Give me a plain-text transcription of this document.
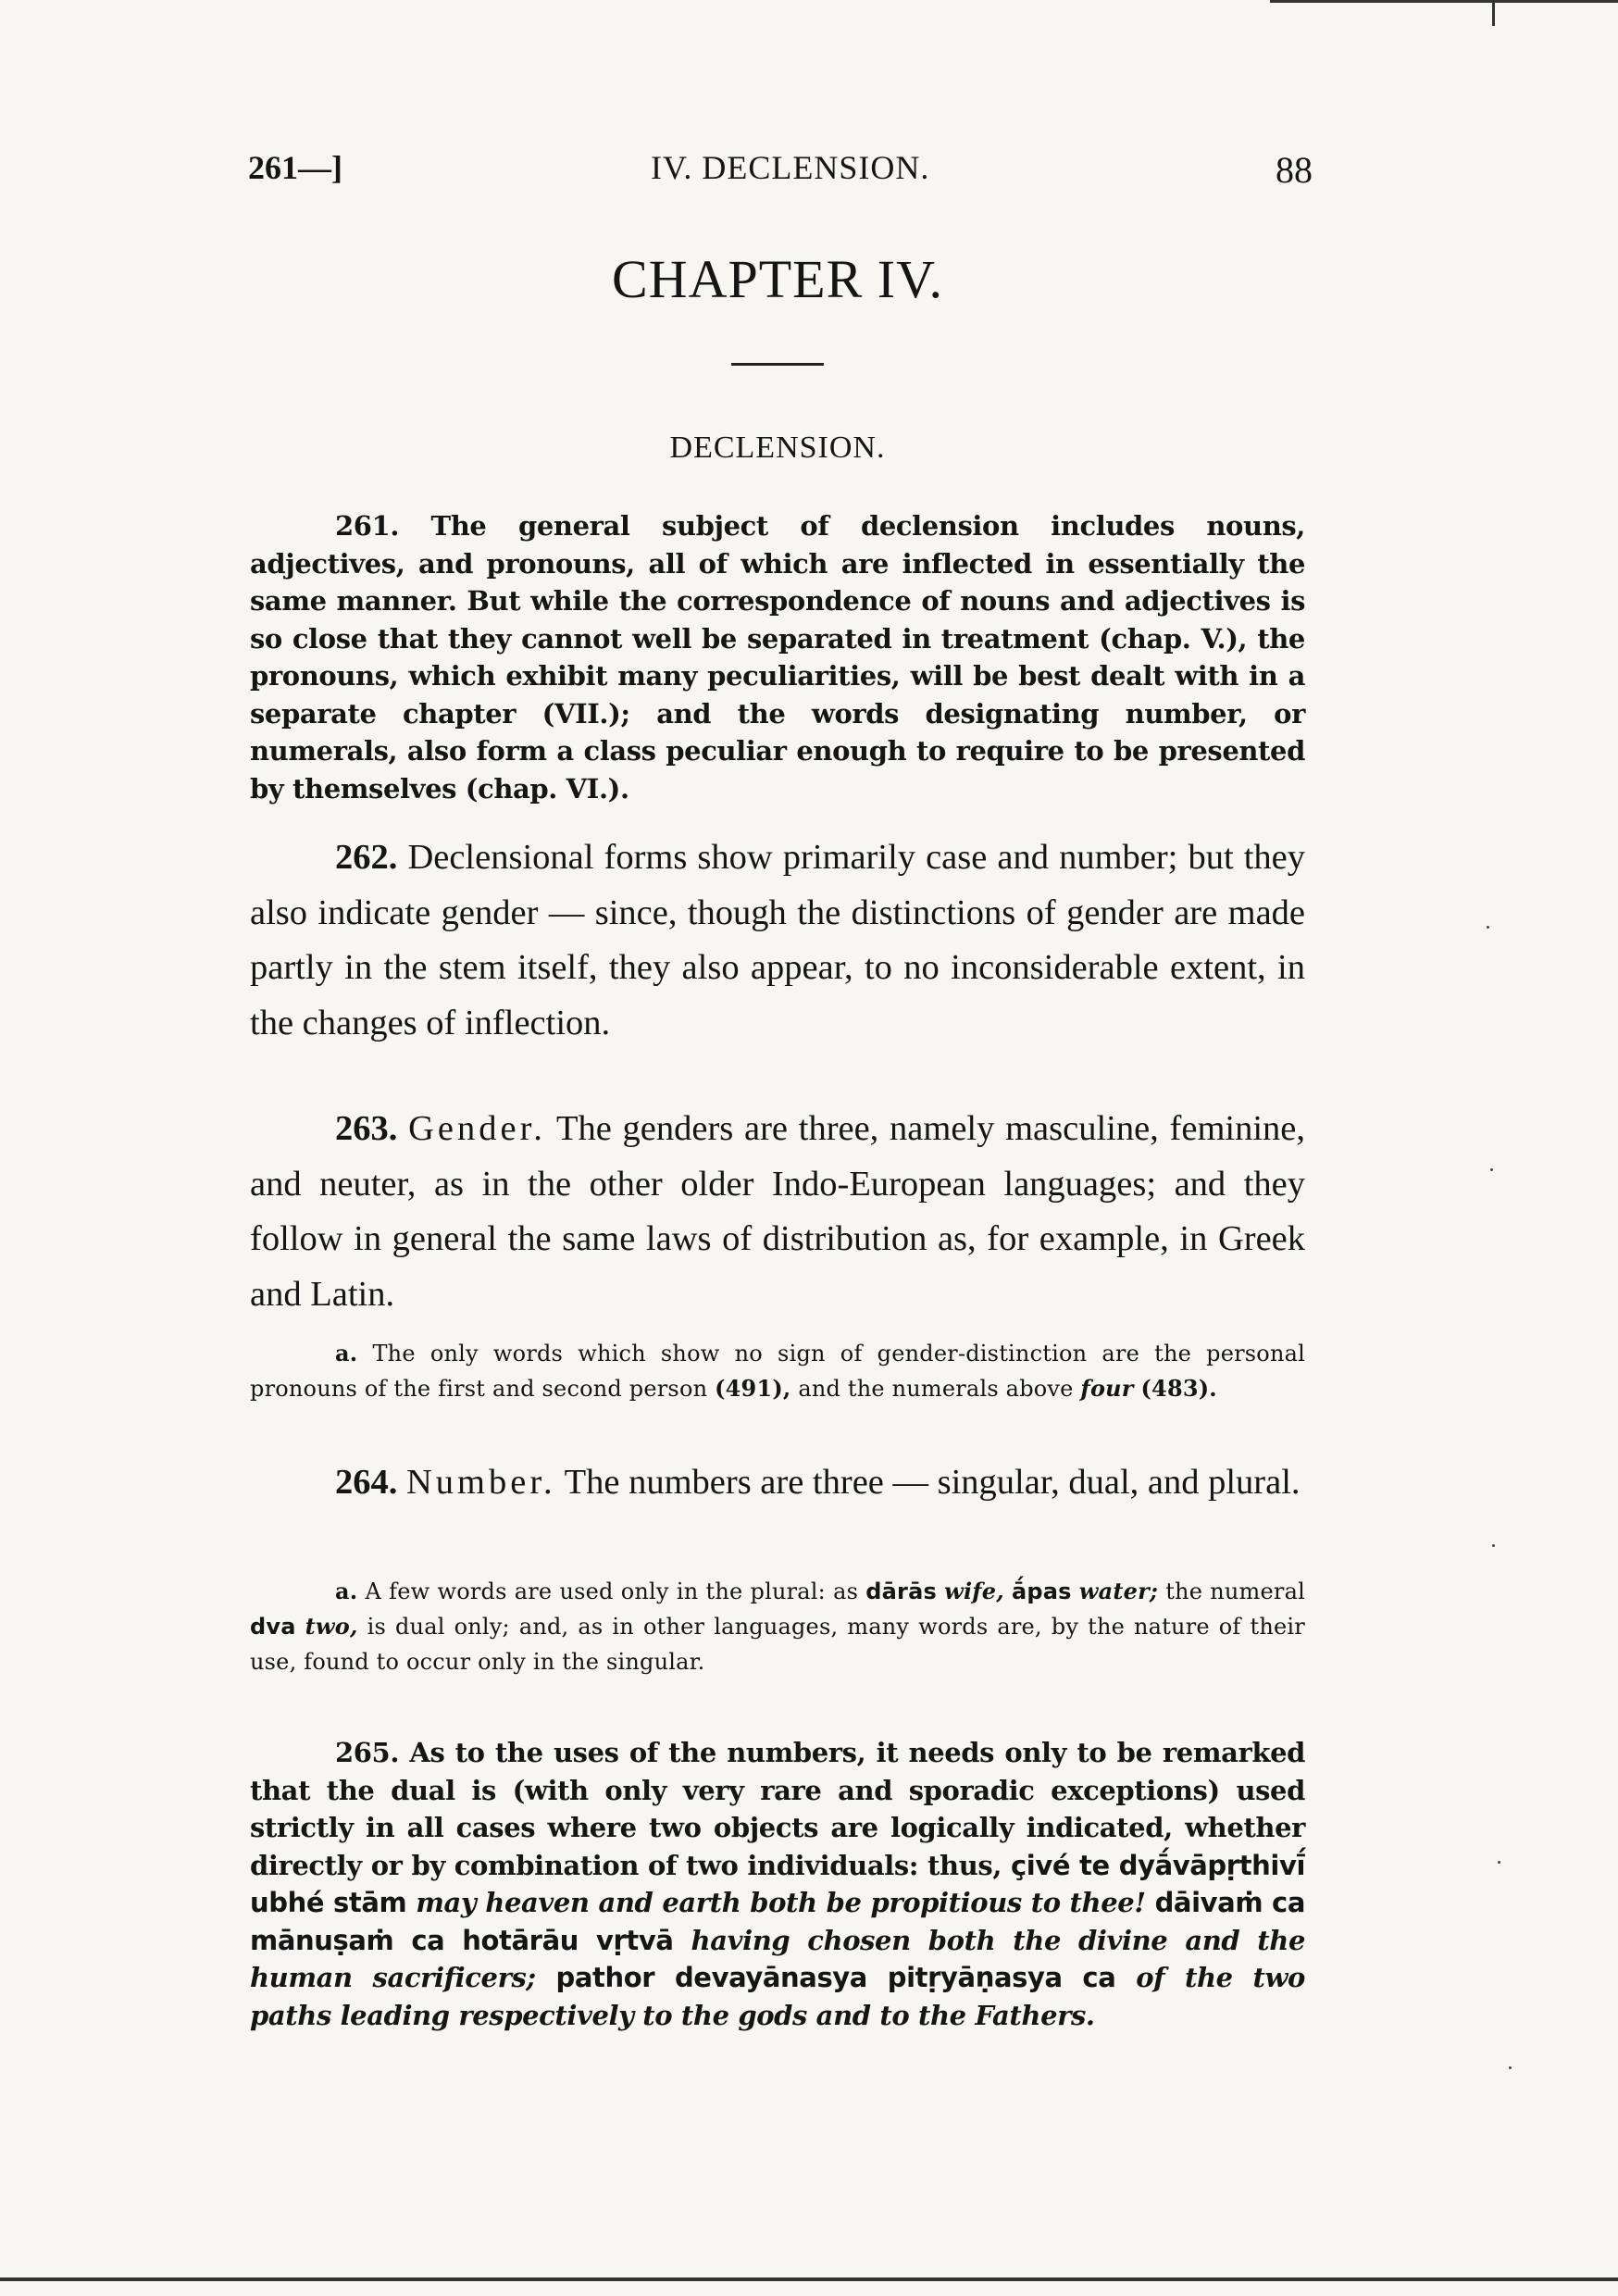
261—]	IV. DECLENSION.	88
CHAPTER IV.
DECLENSION.

261. The general subject of declension includes nouns, adjectives, and pronouns, all of which are inflected in essentially the same manner. But while the correspondence of nouns and adjectives is so close that they cannot well be separated in treatment (chap. V.), the pronouns, which exhibit many peculiarities, will be best dealt with in a separate chapter (VII.); and the words designating number, or numerals, also form a class peculiar enough to require to be presented by themselves (chap. VI.).

262. Declensional forms show primarily case and number; but they also indicate gender — since, though the distinctions of gender are made partly in the stem itself, they also appear, to no inconsiderable extent, in the changes of inflection.

263. Gender. The genders are three, namely masculine, feminine, and neuter, as in the other older Indo-European languages; and they follow in general the same laws of distribution as, for example, in Greek and Latin.

a. The only words which show no sign of gender-distinction are the personal pronouns of the first and second person (491), and the numerals above four (483).

264. Number. The numbers are three — singular, dual, and plural.

a. A few words are used only in the plural: as dārās wife, ā́pas water; the numeral dva two, is dual only; and, as in other languages, many words are, by the nature of their use, found to occur only in the singular.

265. As to the uses of the numbers, it needs only to be remarked that the dual is (with only very rare and sporadic exceptions) used strictly in all cases where two objects are logically indicated, whether directly or by combination of two individuals: thus, çivé te dyā́vāpṛthivī́ ubhé stām may heaven and earth both be propitious to thee! dāivaṁ ca mānuṣaṁ ca hotārāu vṛtvā having chosen both the divine and the human sacrificers; pathor devayānasya pitṛyāṇasya ca of the two paths leading respectively to the gods and to the Fathers.
